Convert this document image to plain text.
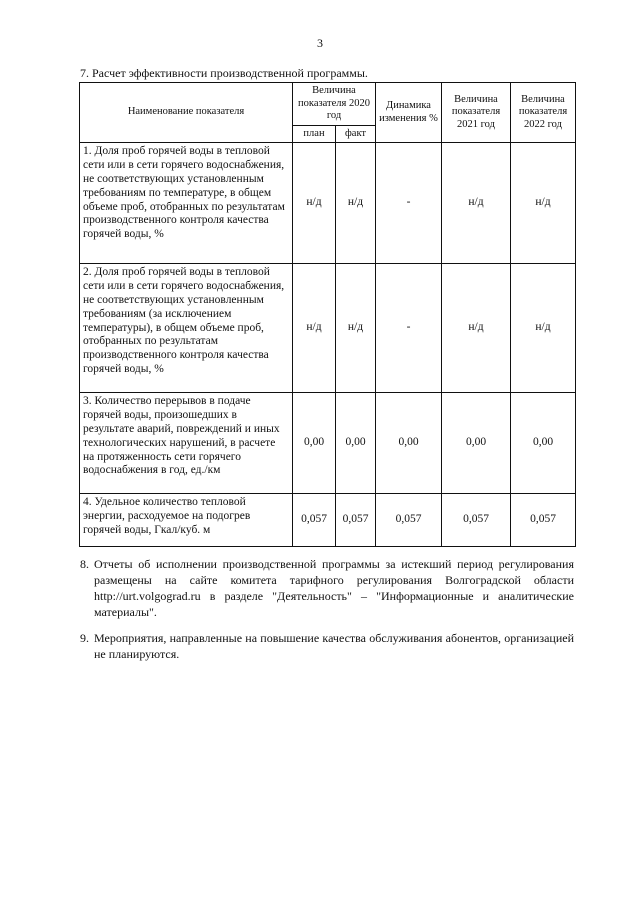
3
7. Расчет эффективности производственной программы.
Наименование показателя	Величина показателя 2020 год		Динамика изменения %	Величина показателя 2021 год	Величина показателя 2022 год
	план	факт			
1. Доля проб горячей воды в тепловой сети или в сети горячего водоснабжения, не соответствующих установленным требованиям по температуре, в общем объеме проб, отобранных по результатам производственного контроля качества горячей воды, %	н/д	н/д	-	н/д	н/д
2. Доля проб горячей воды в тепловой сети или в сети горячего водоснабжения, не соответствующих установленным требованиям (за исключением температуры), в общем объеме проб, отобранных по результатам производственного контроля качества горячей воды, %	н/д	н/д	-	н/д	н/д
3. Количество перерывов в подаче горячей воды, произошедших в результате аварий, повреждений и иных технологических нарушений, в расчете на протяженность сети горячего водоснабжения в год, ед./км	0,00	0,00	0,00	0,00	0,00
4. Удельное количество тепловой энергии, расходуемое на подогрев горячей воды, Гкал/куб. м	0,057	0,057	0,057	0,057	0,057
8. Отчеты об исполнении производственной программы за истекший период регулирования размещены на сайте комитета тарифного регулирования Волгоградской области http://urt.volgograd.ru в разделе "Деятельность" – "Информационные и аналитические материалы".
9. Мероприятия, направленные на повышение качества обслуживания абонентов, организацией не планируются.
